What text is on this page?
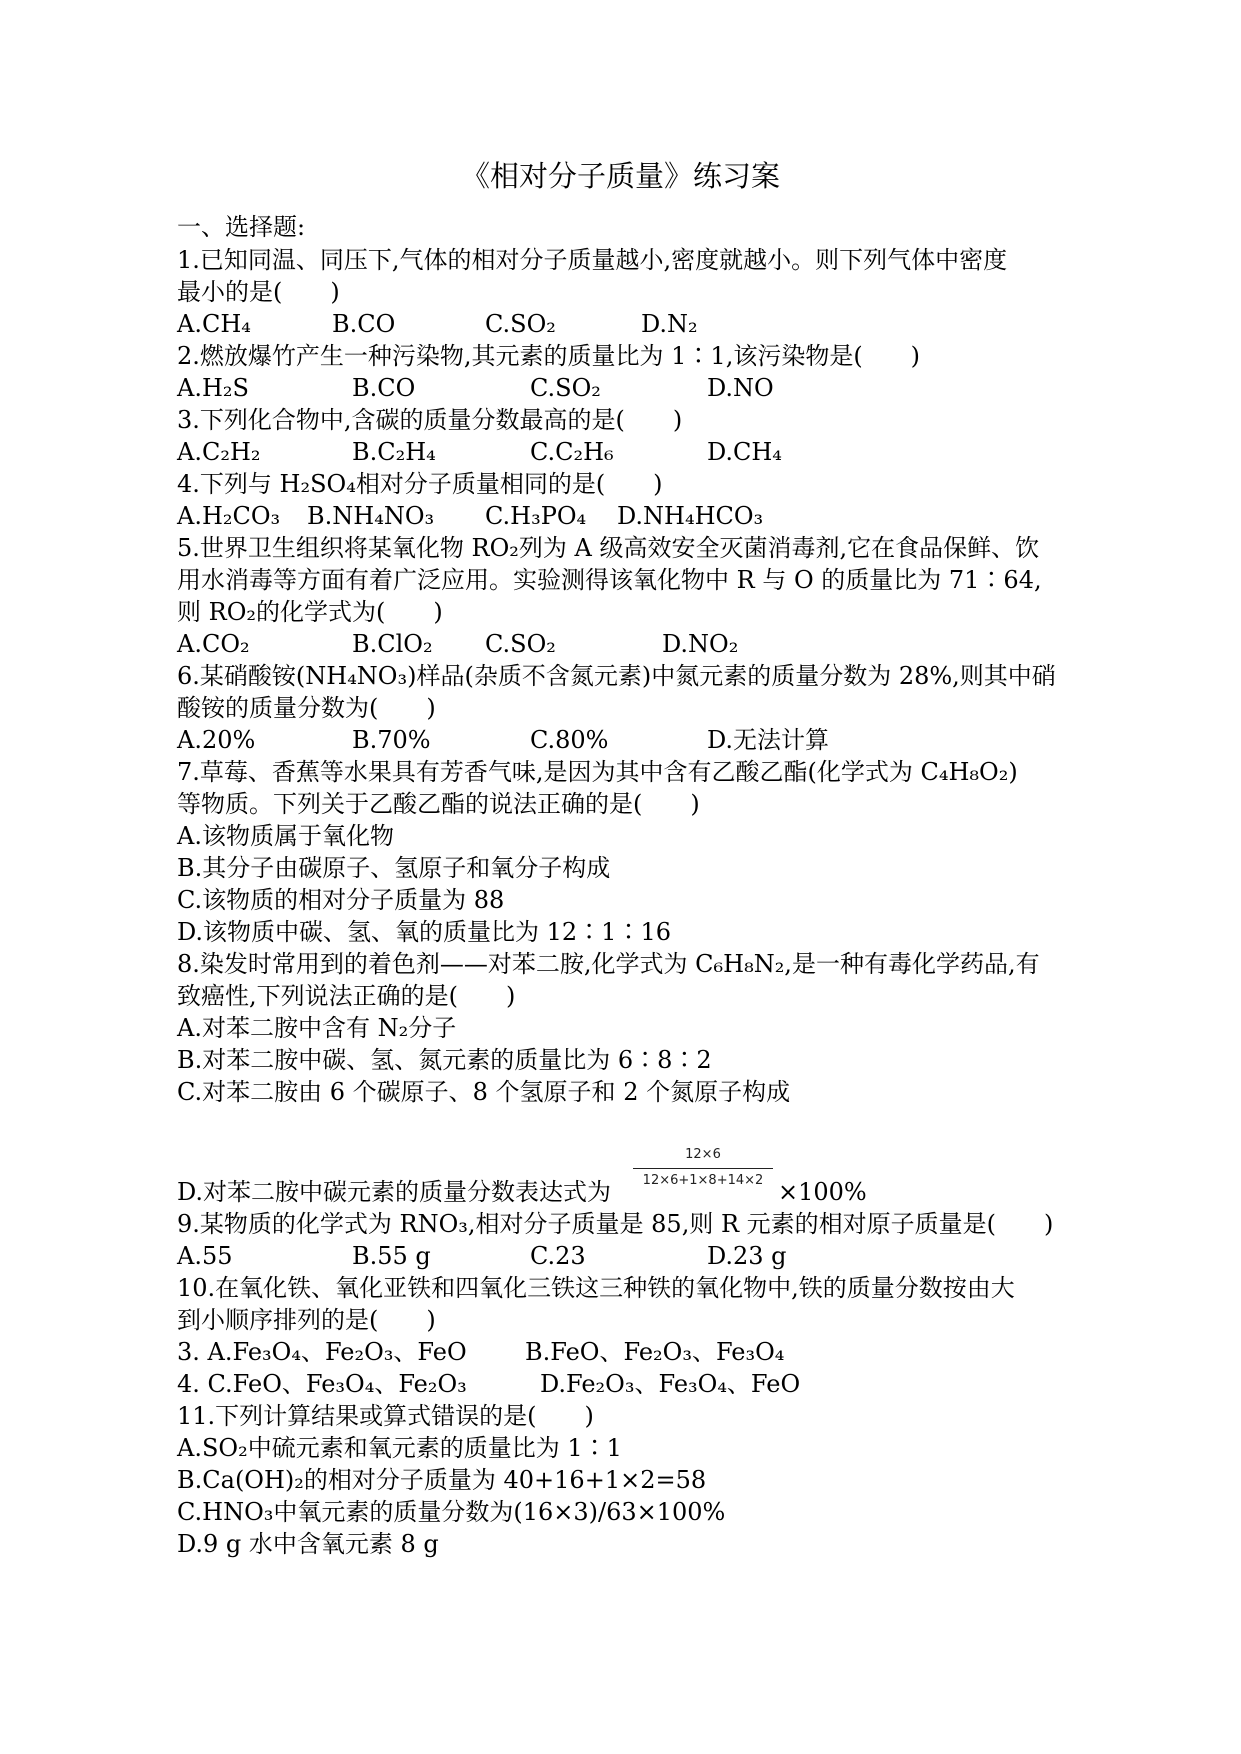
《相对分子质量》练习案
一、选择题:
1.已知同温、同压下,气体的相对分子质量越小,密度就越小。则下列气体中密度
最小的是(　　)
A.CH₄	B.CO	C.SO₂	D.N₂
2.燃放爆竹产生一种污染物,其元素的质量比为 1∶1,该污染物是(　　)
A.H₂S	B.CO	C.SO₂	D.NO
3.下列化合物中,含碳的质量分数最高的是(　　)
A.C₂H₂	B.C₂H₄	C.C₂H₆	D.CH₄
4.下列与 H₂SO₄相对分子质量相同的是(　　)
A.H₂CO₃ B.NH₄NO₃ C.H₃PO₄ D.NH₄HCO₃
5.世界卫生组织将某氧化物 RO₂列为 A 级高效安全灭菌消毒剂,它在食品保鲜、饮
用水消毒等方面有着广泛应用。实验测得该氧化物中 R 与 O 的质量比为 71∶64,
则 RO₂的化学式为(　　)
A.CO₂	B.ClO₂ C.SO₂	D.NO₂
6.某硝酸铵(NH₄NO₃)样品(杂质不含氮元素)中氮元素的质量分数为 28%,则其中硝
酸铵的质量分数为(　　)
A.20%	B.70%	C.80%	D.无法计算
7.草莓、香蕉等水果具有芳香气味,是因为其中含有乙酸乙酯(化学式为 C₄H₈O₂)
等物质。下列关于乙酸乙酯的说法正确的是(　　)
A.该物质属于氧化物
B.其分子由碳原子、氢原子和氧分子构成
C.该物质的相对分子质量为 88
D.该物质中碳、氢、氧的质量比为 12∶1∶16
8.染发时常用到的着色剂——对苯二胺,化学式为 C₆H₈N₂,是一种有毒化学药品,有
致癌性,下列说法正确的是(　　)
A.对苯二胺中含有 N₂分子
B.对苯二胺中碳、氢、氮元素的质量比为 6∶8∶2
C.对苯二胺由 6 个碳原子、8 个氢原子和 2 个氮原子构成
D.对苯二胺中碳元素的质量分数表达式为
9.某物质的化学式为 RNO₃,相对分子质量是 85,则 R 元素的相对原子质量是(　　)
A.55	B.55 g	C.23	D.23 g
10.在氧化铁、氧化亚铁和四氧化三铁这三种铁的氧化物中,铁的质量分数按由大
到小顺序排列的是(　　)
3. A.Fe₃O₄、Fe₂O₃、FeO B.FeO、Fe₂O₃、Fe₃O₄
4. C.FeO、Fe₃O₄、Fe₂O₃	D.Fe₂O₃、Fe₃O₄、FeO
11.下列计算结果或算式错误的是(　　)
A.SO₂中硫元素和氧元素的质量比为 1∶1
B.Ca(OH)₂的相对分子质量为 40+16+1×2=58
C.HNO₃中氧元素的质量分数为(16×3)/63×100%
D.9 g 水中含氧元素 8 g
12×6
12×6+1×8+14×2 ×100%
